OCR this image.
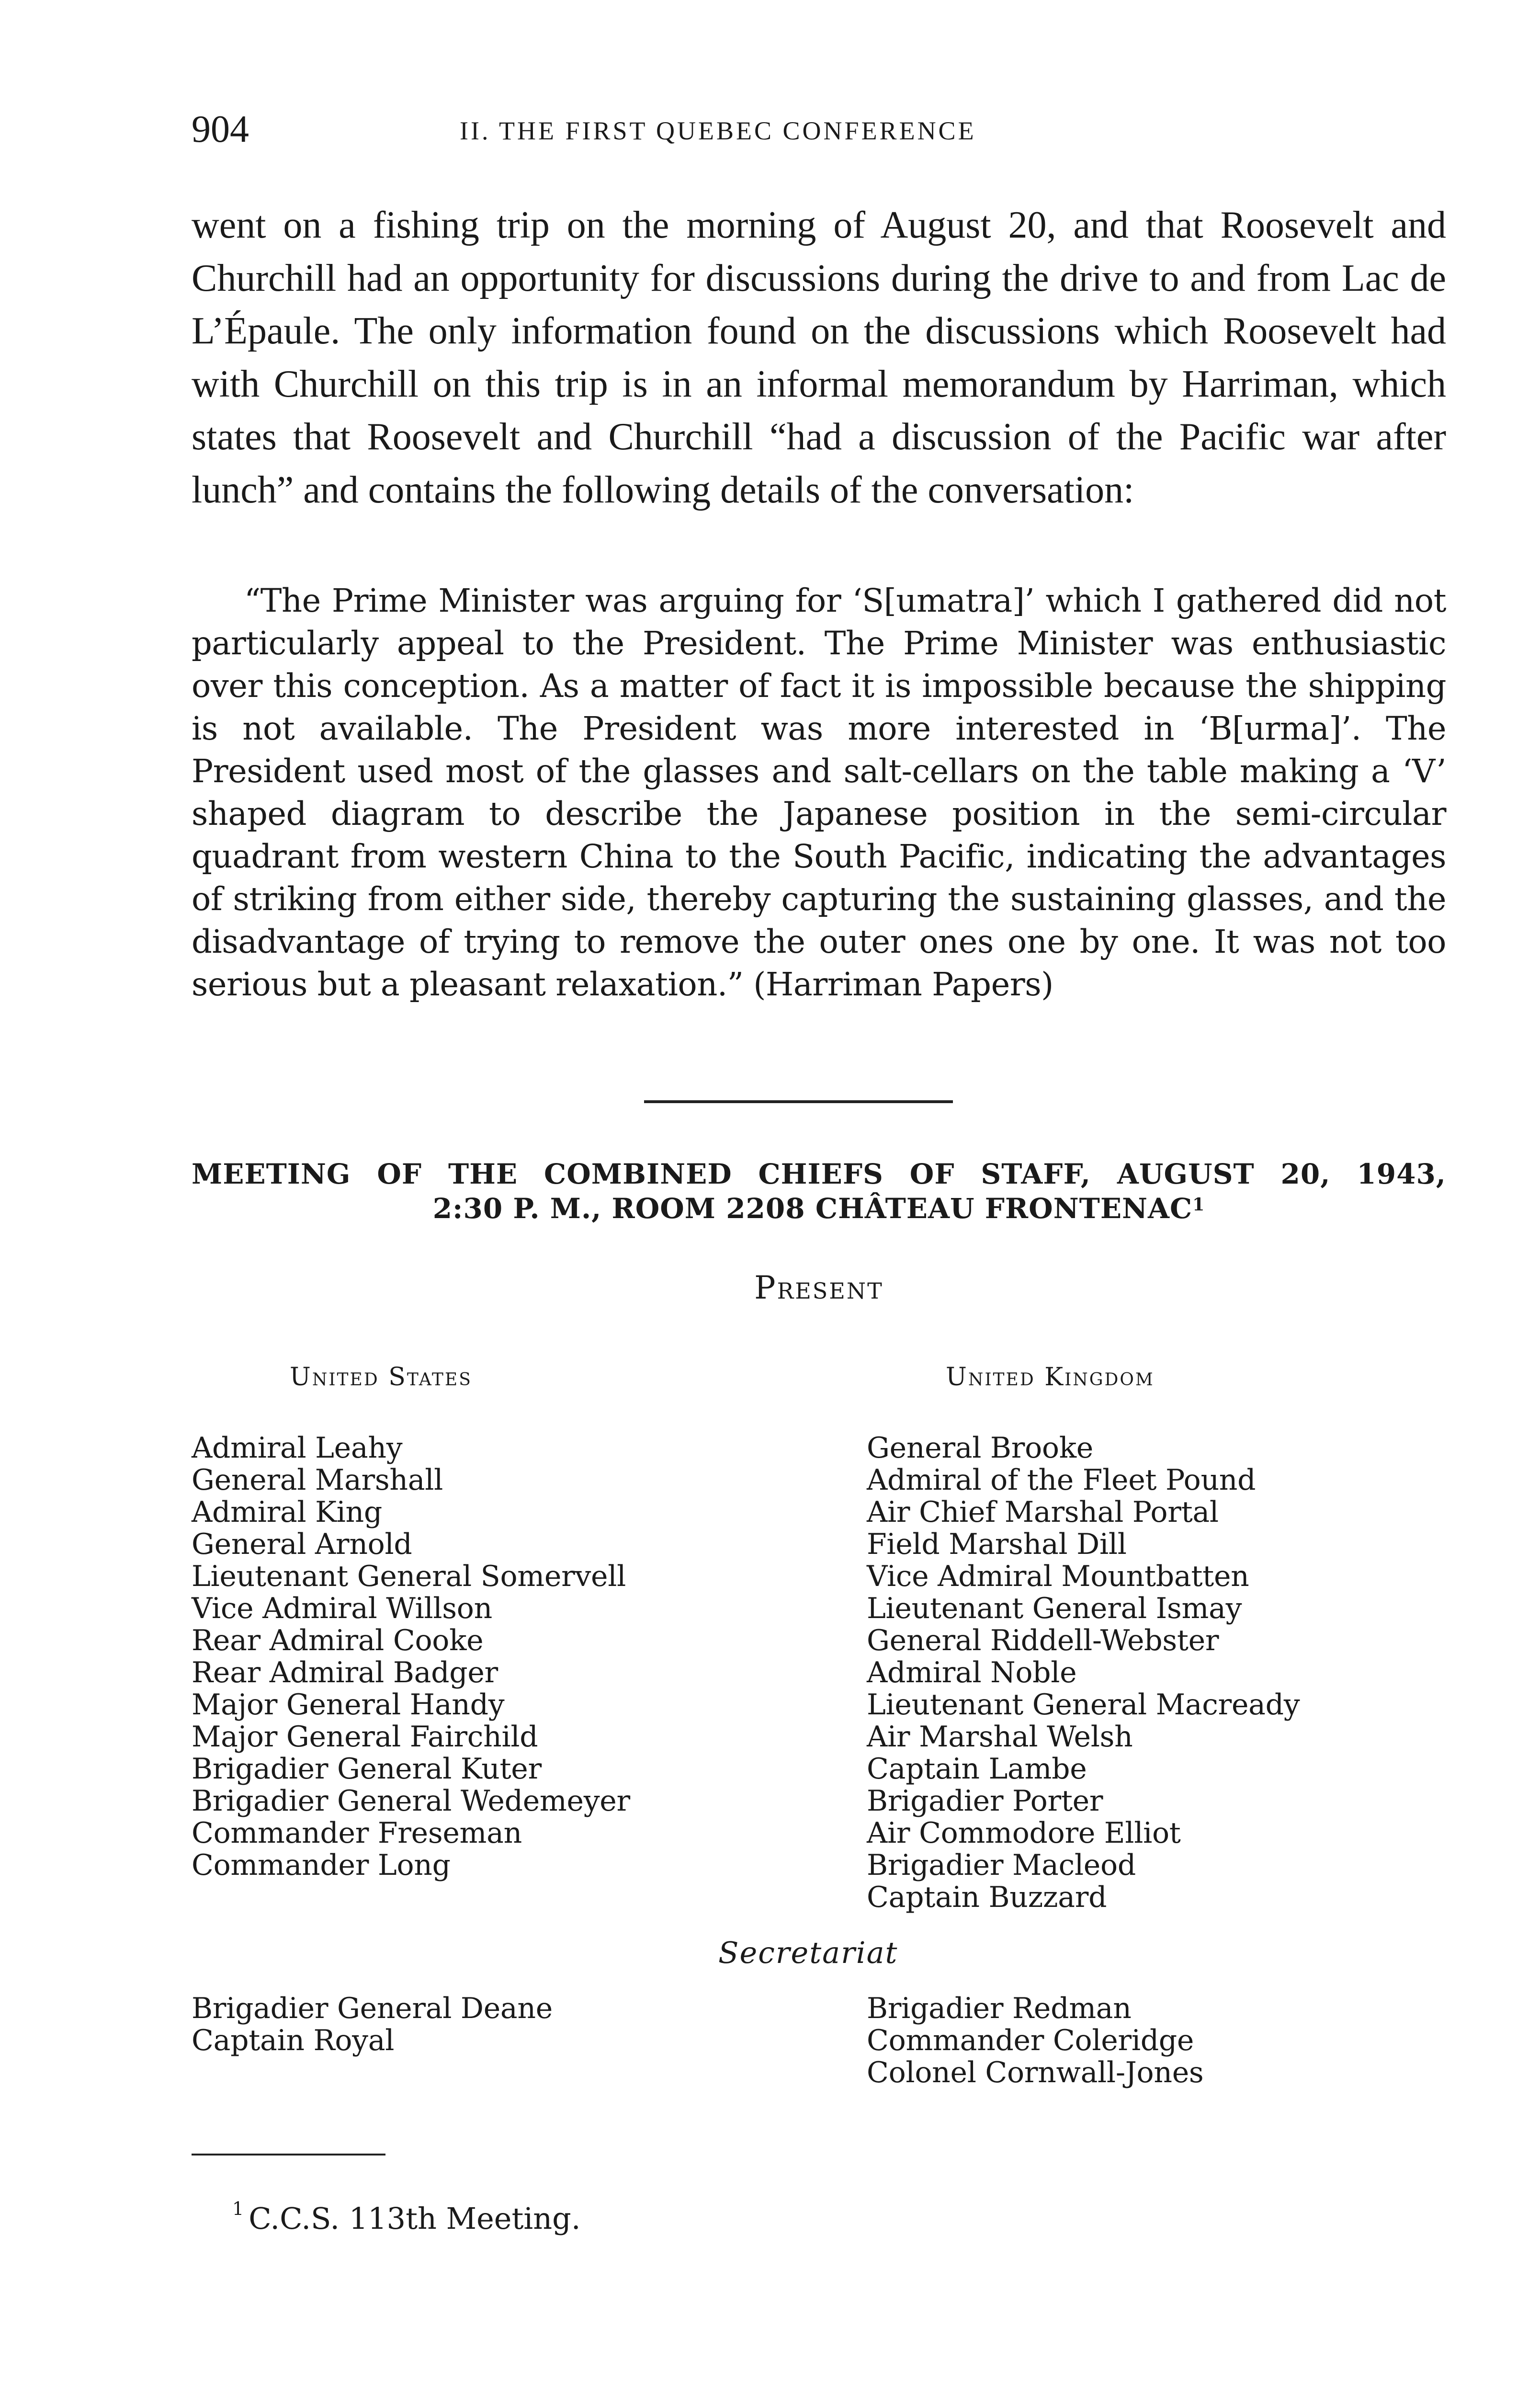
904	II. THE FIRST QUEBEC CONFERENCE

went on a fishing trip on the morning of August 20, and that Roosevelt and Churchill had an opportunity for discussions during the drive to and from Lac de L’Épaule. The only information found on the discussions which Roosevelt had with Churchill on this trip is in an informal memorandum by Harriman, which states that Roosevelt and Churchill “had a discussion of the Pacific war after lunch” and contains the following details of the conversation:

“The Prime Minister was arguing for ‘S[umatra]’ which I gathered did not particularly appeal to the President. The Prime Minister was enthusiastic over this conception. As a matter of fact it is impossible because the shipping is not available. The President was more interested in ‘B[urma]’. The President used most of the glasses and salt-cellars on the table making a ‘V’ shaped diagram to describe the Japanese position in the semi-circular quadrant from western China to the South Pacific, indicating the advantages of striking from either side, thereby capturing the sustaining glasses, and the disadvantage of trying to remove the outer ones one by one. It was not too serious but a pleasant relaxation.” (Harriman Papers)

MEETING OF THE COMBINED CHIEFS OF STAFF, AUGUST 20, 1943,
2:30 P. M., ROOM 2208 CHÂTEAU FRONTENAC$^1$
Present
United States	United Kingdom
Admiral Leahy
General Marshall
Admiral King
General Arnold
Lieutenant General Somervell
Vice Admiral Willson
Rear Admiral Cooke
Rear Admiral Badger
Major General Handy
Major General Fairchild
Brigadier General Kuter
Brigadier General Wedemeyer
Commander Freseman
Commander Long
General Brooke
Admiral of the Fleet Pound
Air Chief Marshal Portal
Field Marshal Dill
Vice Admiral Mountbatten
Lieutenant General Ismay
General Riddell-Webster
Admiral Noble
Lieutenant General Macready
Air Marshal Welsh
Captain Lambe
Brigadier Porter
Air Commodore Elliot
Brigadier Macleod
Captain Buzzard
Secretariat
Brigadier General Deane
Captain Royal
Brigadier Redman
Commander Coleridge
Colonel Cornwall-Jones
$^1$ C.C.S. 113th Meeting.
